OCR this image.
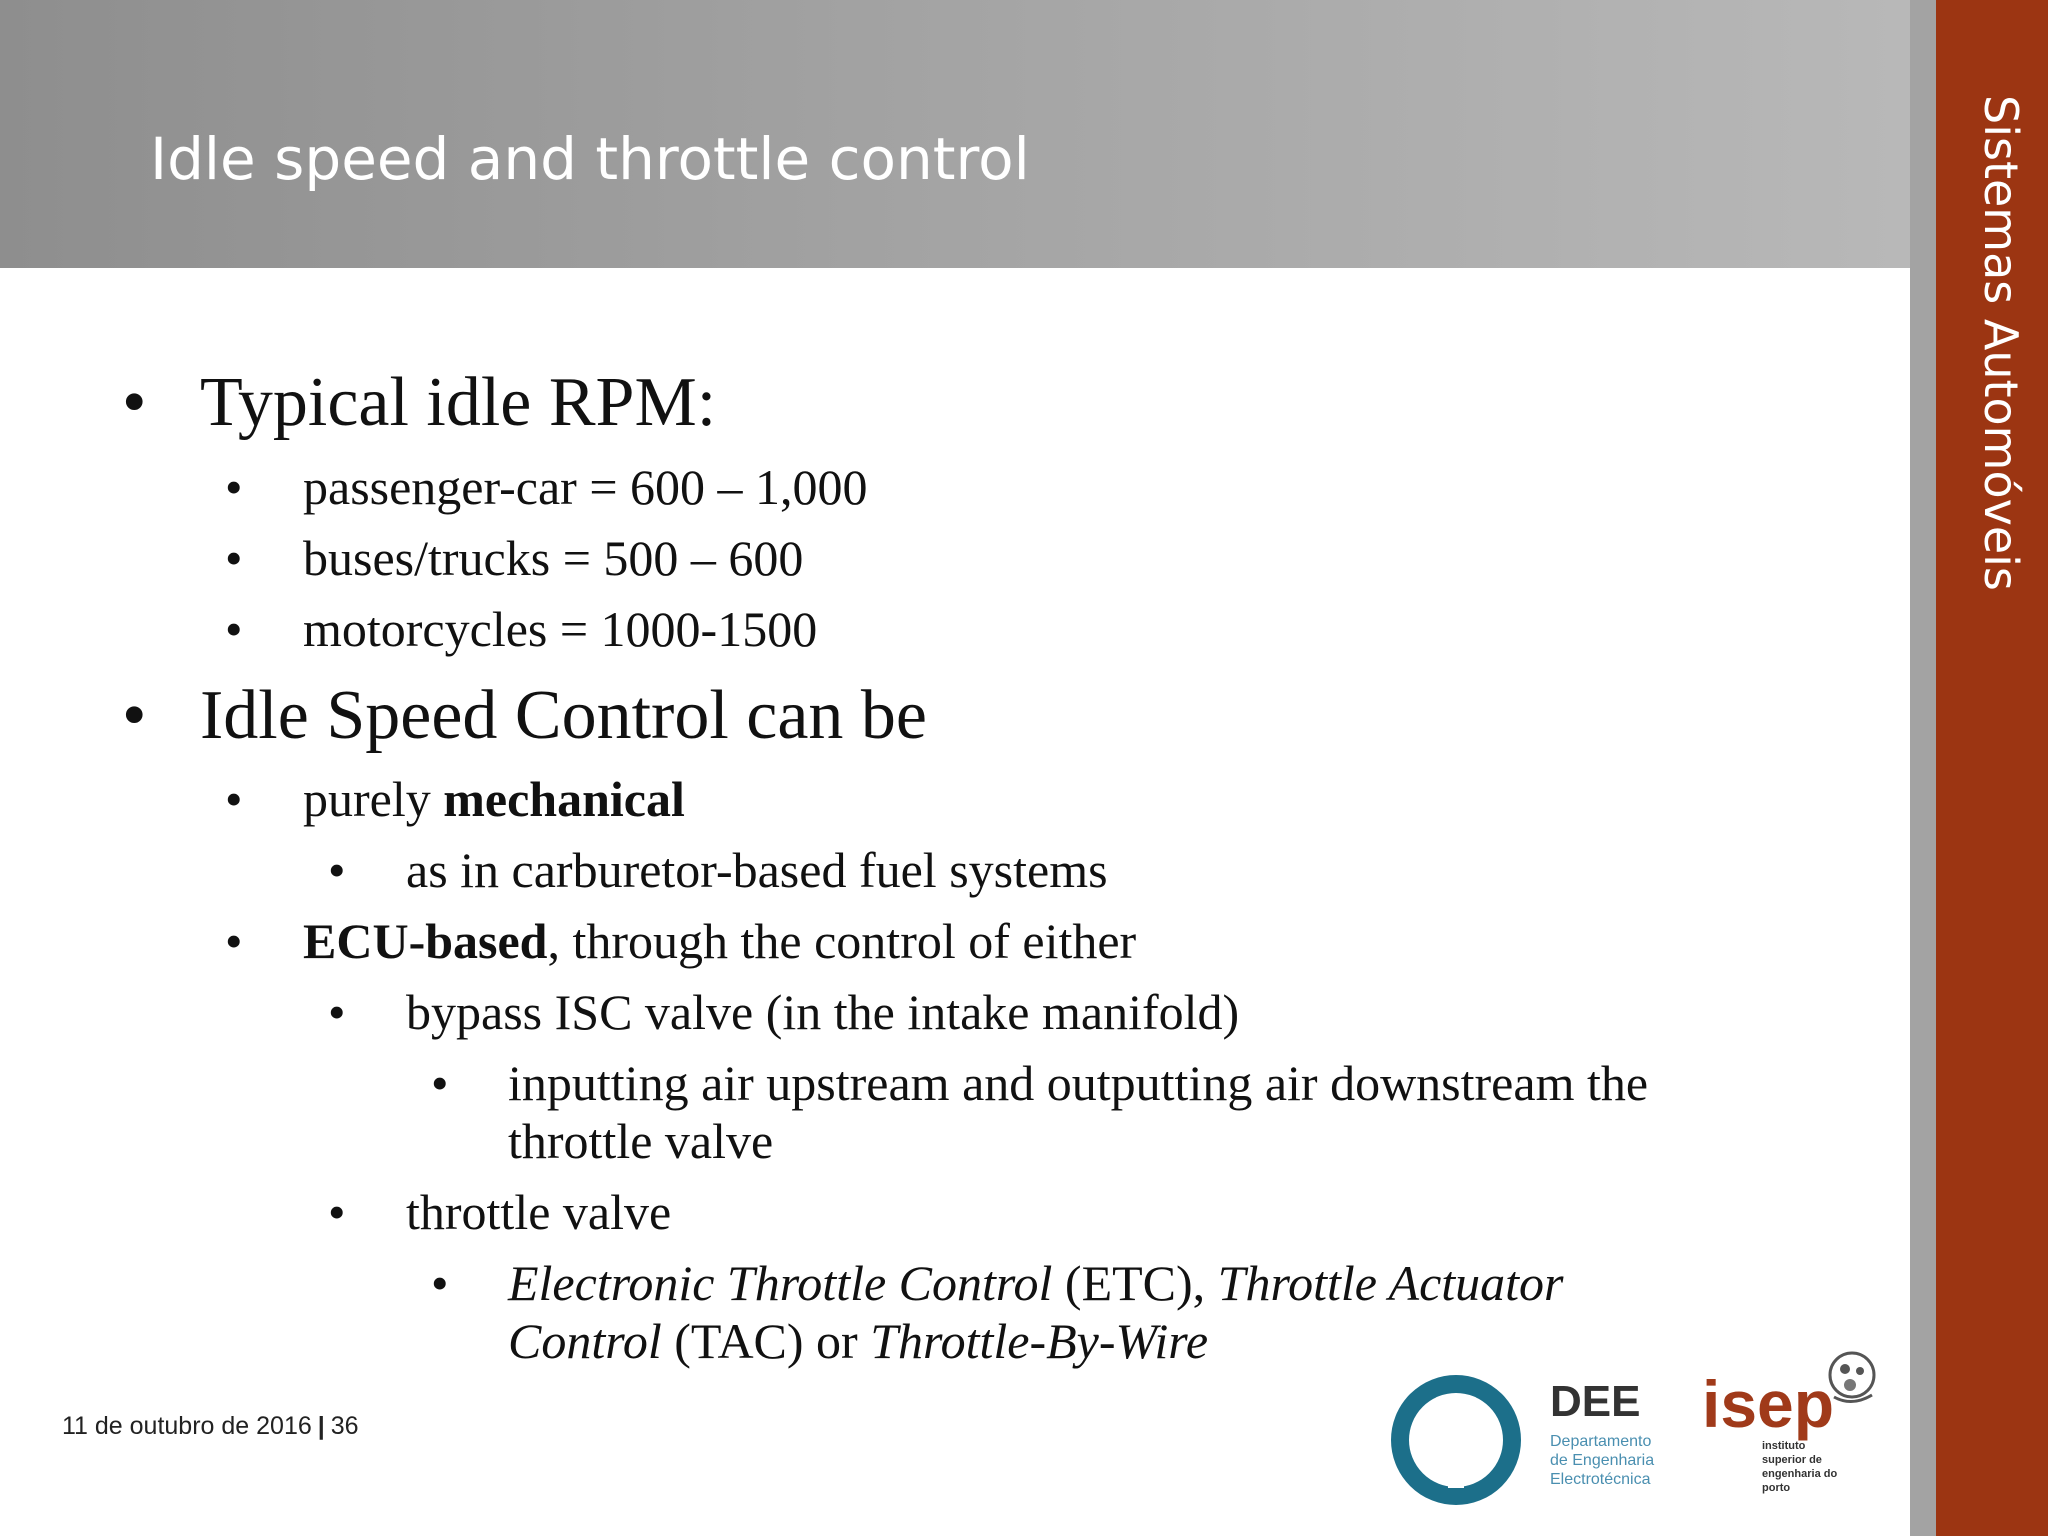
Idle speed and throttle control	Sistemas Automóveis
• Typical idle RPM:
• passenger-car = 600 – 1,000
• buses/trucks = 500 – 600
• motorcycles = 1000-1500
• Idle Speed Control can be
• purely mechanical
• as in carburetor-based fuel systems
• ECU-based, through the control of either
• bypass ISC valve (in the intake manifold)
• inputting air upstream and outputting air downstream the
throttle valve
• throttle valve
• Electronic Throttle Control (ETC), Throttle Actuator
Control (TAC) or Throttle-By-Wire
11 de outubro de 2016 | 36	DEE
Departamento
de Engenharia
Electrotécnica
isep
instituto
superior de
engenharia do
porto
